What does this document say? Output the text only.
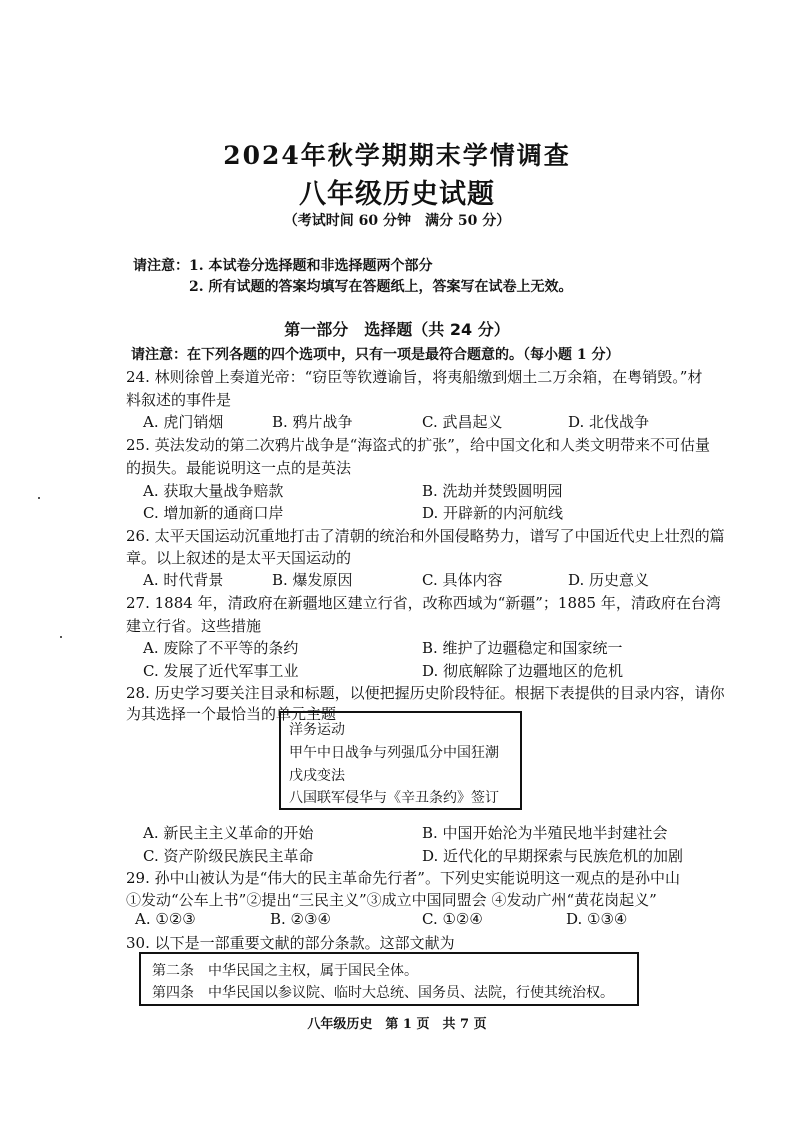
2024年秋学期期末学情调查
八年级历史试题
（考试时间 60 分钟　满分 50 分）
请注意： 1. 本试卷分选择题和非选择题两个部分
2. 所有试题的答案均填写在答题纸上，答案写在试卷上无效。
第一部分　选择题（共 24 分）
请注意：在下列各题的四个选项中，只有一项是最符合题意的。（每小题 1 分）
24. 林则徐曾上奏道光帝：“窃臣等钦遵谕旨，将夷船缴到烟土二万余箱，在粤销毁。”材
料叙述的事件是
A. 虎门销烟	B. 鸦片战争	C. 武昌起义	D. 北伐战争
25. 英法发动的第二次鸦片战争是“海盗式的扩张”，给中国文化和人类文明带来不可估量
的损失。最能说明这一点的是英法
A. 获取大量战争赔款	B. 洗劫并焚毁圆明园
C. 增加新的通商口岸	D. 开辟新的内河航线
26. 太平天国运动沉重地打击了清朝的统治和外国侵略势力，谱写了中国近代史上壮烈的篇
章。以上叙述的是太平天国运动的
A. 时代背景	B. 爆发原因	C. 具体内容	D. 历史意义
27. 1884 年，清政府在新疆地区建立行省，改称西域为“新疆”；1885 年，清政府在台湾
建立行省。这些措施
A. 废除了不平等的条约	B. 维护了边疆稳定和国家统一
C. 发展了近代军事工业	D. 彻底解除了边疆地区的危机
28. 历史学习要关注目录和标题，以便把握历史阶段特征。根据下表提供的目录内容，请你
为其选择一个最恰当的单元主题
洋务运动
甲午中日战争与列强瓜分中国狂潮
戊戌变法
八国联军侵华与《辛丑条约》签订
A. 新民主主义革命的开始	B. 中国开始沦为半殖民地半封建社会
C. 资产阶级民族民主革命	D. 近代化的早期探索与民族危机的加剧
29. 孙中山被认为是“伟大的民主革命先行者”。下列史实能说明这一观点的是孙中山
①发动“公车上书”②提出“三民主义”③成立中国同盟会 ④发动广州“黄花岗起义”
A. ①②③	B. ②③④	C. ①②④	D. ①③④
30. 以下是一部重要文献的部分条款。这部文献为
第二条　中华民国之主权，属于国民全体。
第四条　中华民国以参议院、临时大总统、国务员、法院，行使其统治权。
八年级历史　第 1 页　共 7 页
